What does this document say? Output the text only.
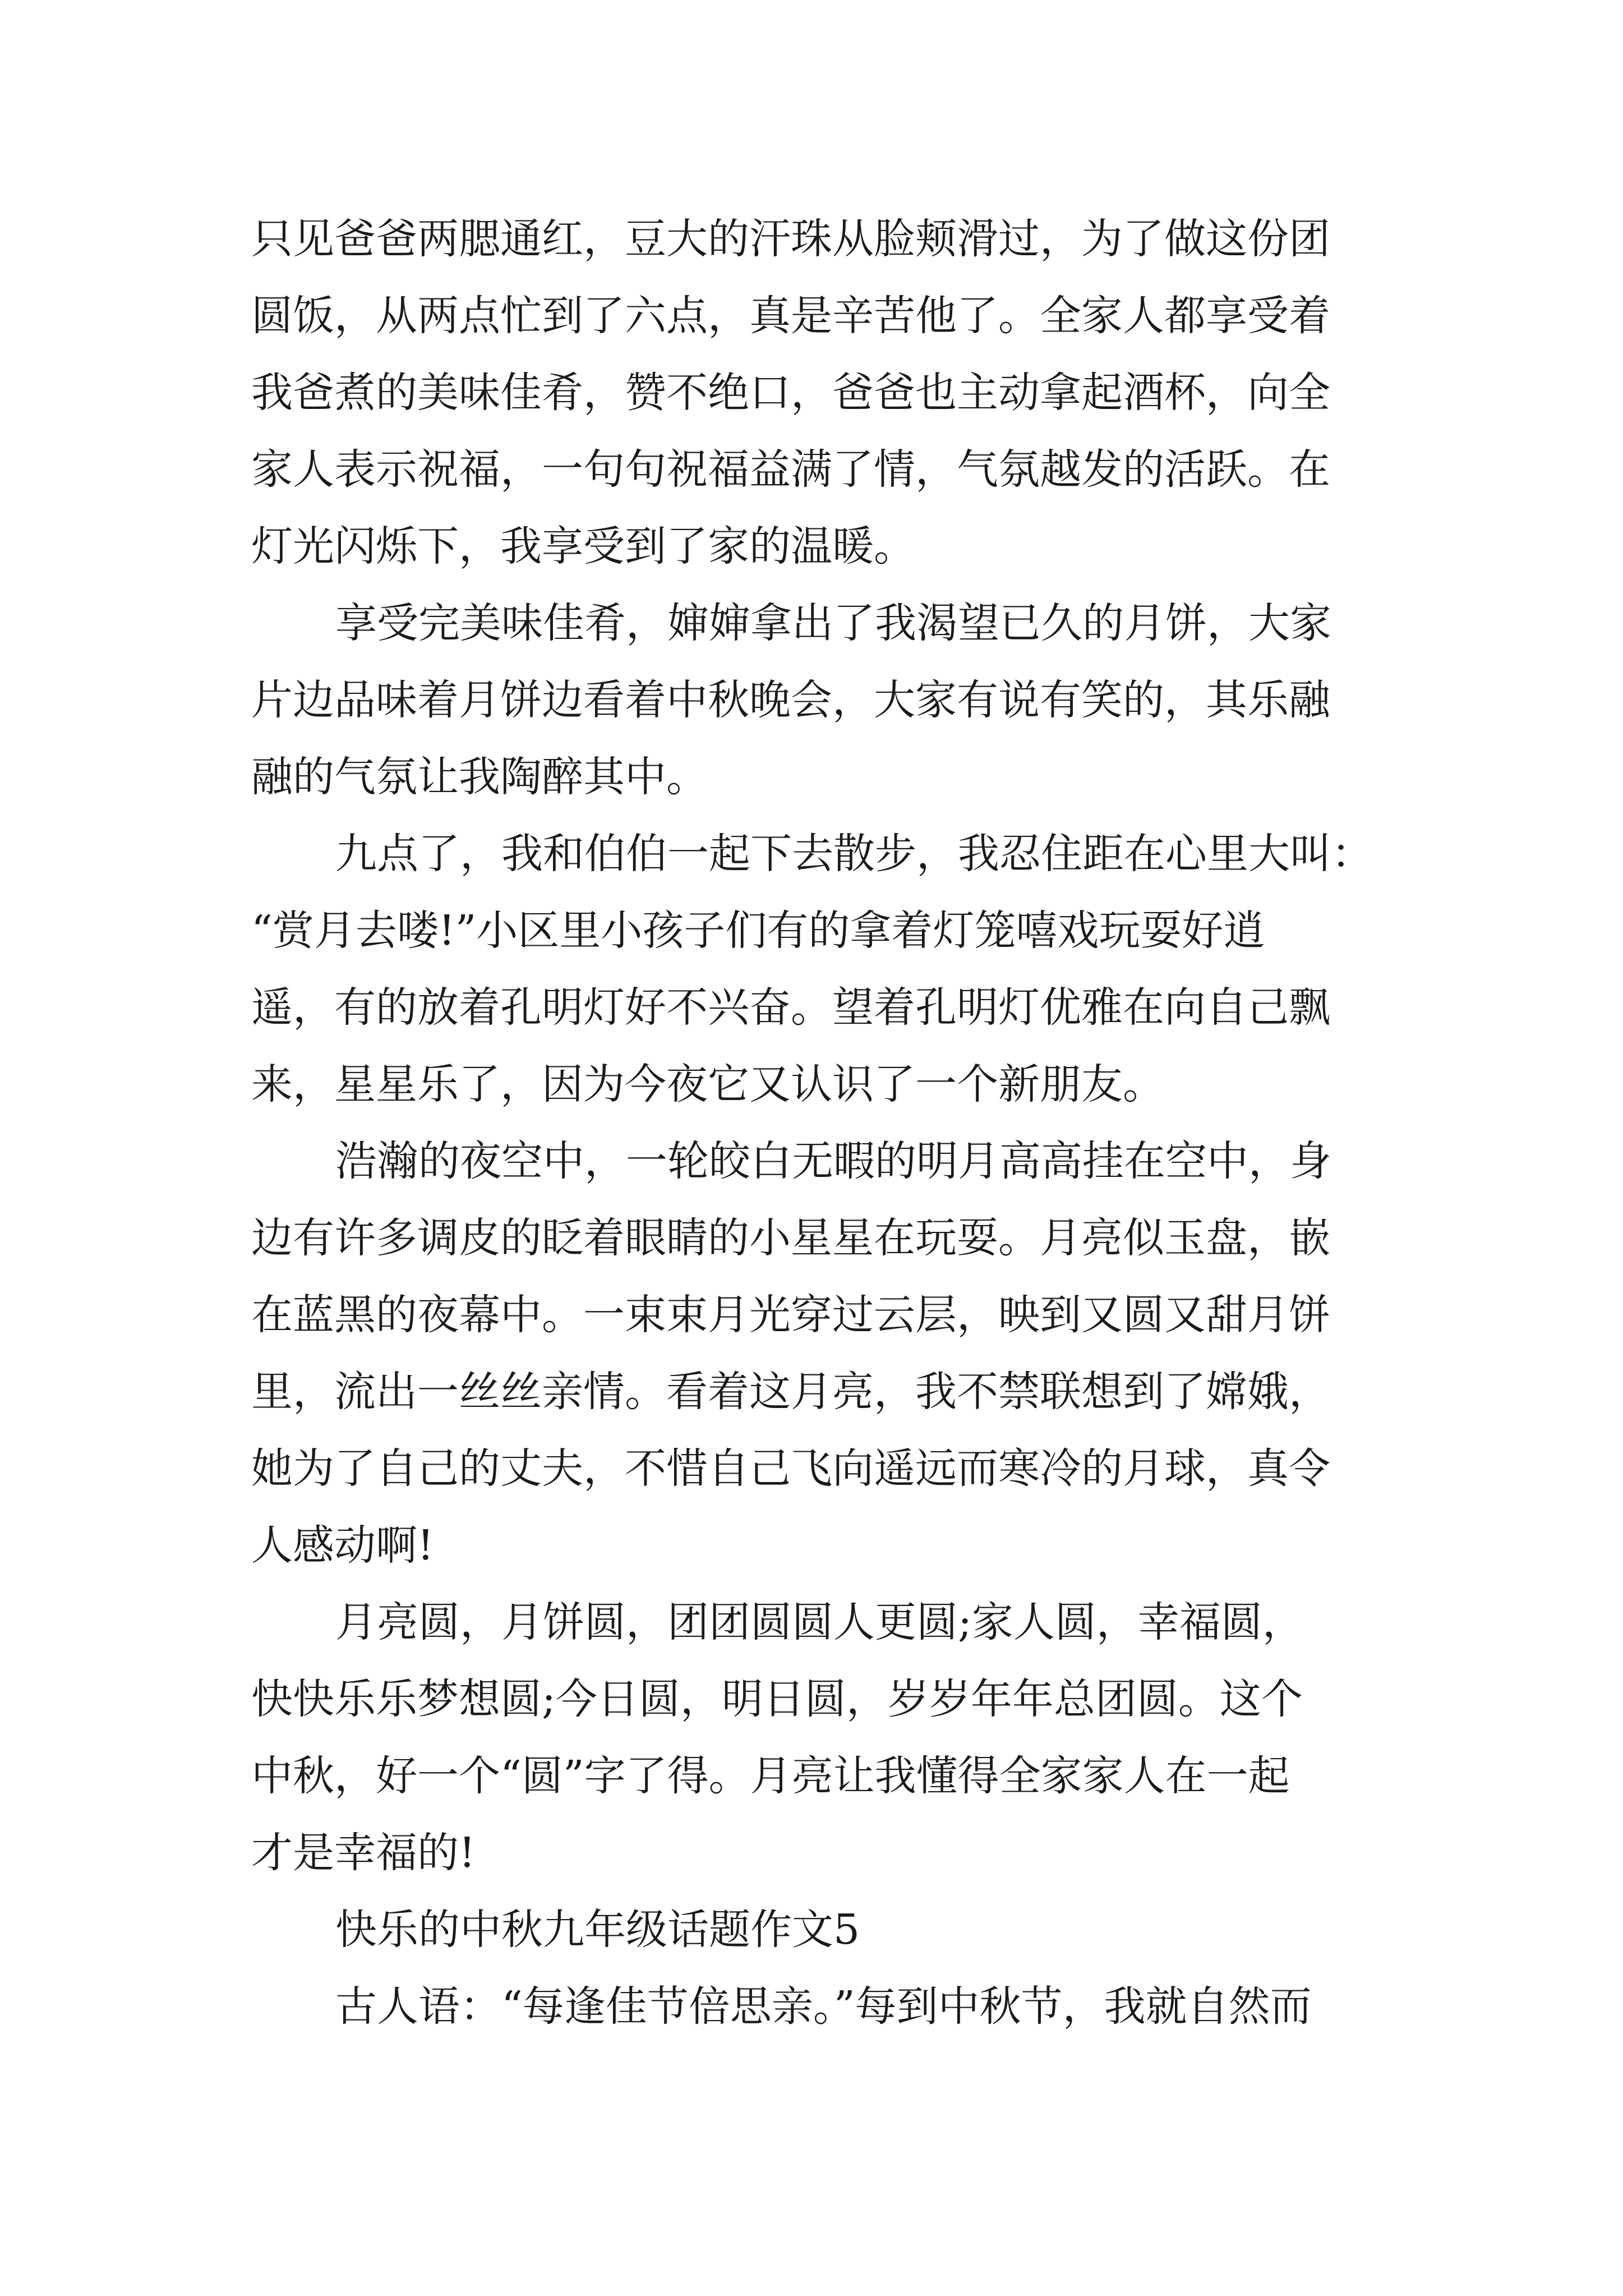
只见爸爸两腮通红，豆大的汗珠从脸颊滑过，为了做这份团
圆饭，从两点忙到了六点，真是辛苦他了。全家人都享受着
我爸煮的美味佳肴，赞不绝口，爸爸也主动拿起酒杯，向全
家人表示祝福，一句句祝福益满了情，气氛越发的活跃。在
灯光闪烁下，我享受到了家的温暖。
享受完美味佳肴，婶婶拿出了我渴望已久的月饼，大家
片边品味着月饼边看着中秋晚会，大家有说有笑的，其乐融
融的气氛让我陶醉其中。
九点了，我和伯伯一起下去散步，我忍住距在心里大叫：
“赏月去喽!”小区里小孩子们有的拿着灯笼嘻戏玩耍好逍
遥，有的放着孔明灯好不兴奋。望着孔明灯优雅在向自己飘
来，星星乐了，因为今夜它又认识了一个新朋友。
浩瀚的夜空中，一轮皎白无暇的明月高高挂在空中，身
边有许多调皮的眨着眼睛的小星星在玩耍。月亮似玉盘，嵌
在蓝黑的夜幕中。一束束月光穿过云层，映到又圆又甜月饼
里，流出一丝丝亲情。看着这月亮，我不禁联想到了嫦娥，
她为了自己的丈夫，不惜自己飞向遥远而寒冷的月球，真令
人感动啊!
月亮圆，月饼圆，团团圆圆人更圆;家人圆，幸福圆，
快快乐乐梦想圆;今日圆，明日圆，岁岁年年总团圆。这个
中秋，好一个“圆”字了得。月亮让我懂得全家家人在一起
才是幸福的!
快乐的中秋九年级话题作文5
古人语：“每逢佳节倍思亲。”每到中秋节，我就自然而
